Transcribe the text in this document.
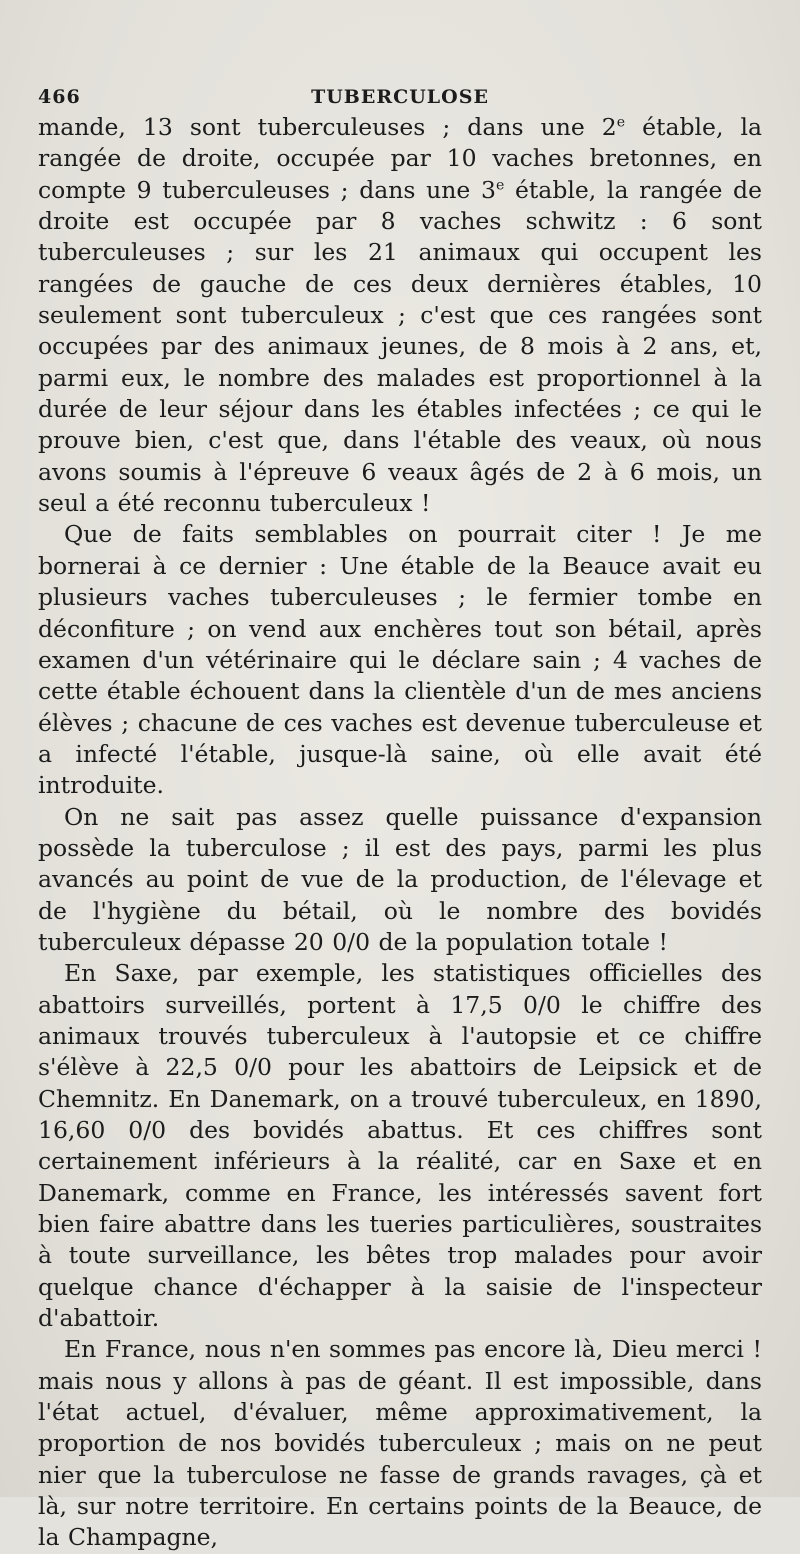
466	TUBERCULOSE

mande, 13 sont tuberculeuses ; dans une 2e étable, la rangée de droite, occupée par 10 vaches bretonnes, en compte 9 tuberculeuses ; dans une 3e étable, la rangée de droite est occupée par 8 vaches schwitz : 6 sont tuberculeuses ; sur les 21 animaux qui occupent les rangées de gauche de ces deux dernières étables, 10 seulement sont tuberculeux ; c'est que ces rangées sont occupées par des animaux jeunes, de 8 mois à 2 ans, et, parmi eux, le nombre des malades est proportionnel à la durée de leur séjour dans les étables infectées ; ce qui le prouve bien, c'est que, dans l'étable des veaux, où nous avons soumis à l'épreuve 6 veaux âgés de 2 à 6 mois, un seul a été reconnu tuberculeux !

Que de faits semblables on pourrait citer ! Je me bornerai à ce dernier : Une étable de la Beauce avait eu plusieurs vaches tuberculeuses ; le fermier tombe en déconfiture ; on vend aux enchères tout son bétail, après examen d'un vétérinaire qui le déclare sain ; 4 vaches de cette étable échouent dans la clientèle d'un de mes anciens élèves ; chacune de ces vaches est devenue tuberculeuse et a infecté l'étable, jusque-là saine, où elle avait été introduite.

On ne sait pas assez quelle puissance d'expansion possède la tuberculose ; il est des pays, parmi les plus avancés au point de vue de la production, de l'élevage et de l'hygiène du bétail, où le nombre des bovidés tuberculeux dépasse 20 0/0 de la population totale !

En Saxe, par exemple, les statistiques officielles des abattoirs surveillés, portent à 17,5 0/0 le chiffre des animaux trouvés tuberculeux à l'autopsie et ce chiffre s'élève à 22,5 0/0 pour les abattoirs de Leipsick et de Chemnitz. En Danemark, on a trouvé tuberculeux, en 1890, 16,60 0/0 des bovidés abattus. Et ces chiffres sont certainement inférieurs à la réalité, car en Saxe et en Danemark, comme en France, les intéressés savent fort bien faire abattre dans les tueries particulières, soustraites à toute surveillance, les bêtes trop malades pour avoir quelque chance d'échapper à la saisie de l'inspecteur d'abattoir.

En France, nous n'en sommes pas encore là, Dieu merci ! mais nous y allons à pas de géant. Il est impossible, dans l'état actuel, d'évaluer, même approximativement, la proportion de nos bovidés tuberculeux ; mais on ne peut nier que la tuberculose ne fasse de grands ravages, çà et là, sur notre territoire. En certains points de la Beauce, de la Champagne,
